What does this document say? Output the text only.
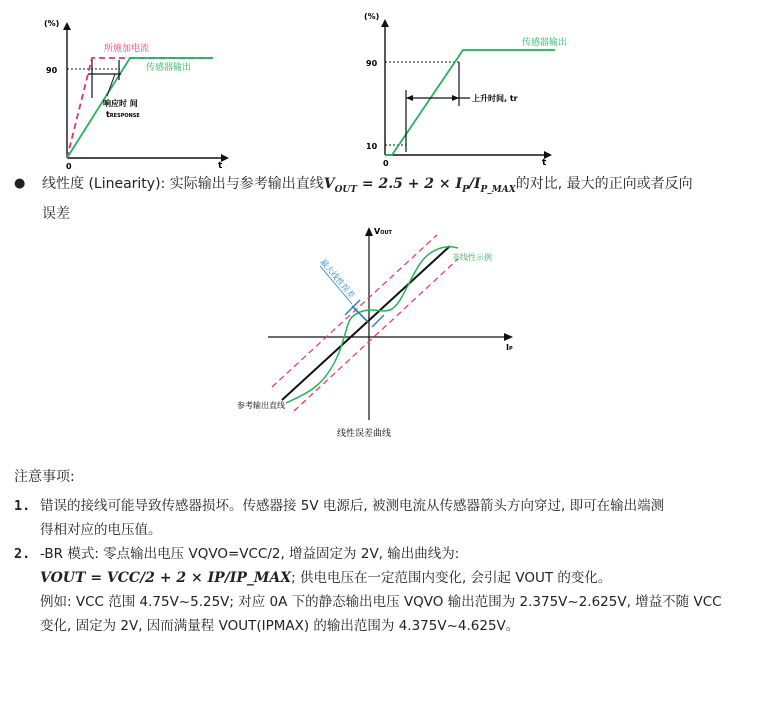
(%)
90
0	t
所施加电流
传感器输出
响应时 间
tRESPONSE
(%)
90
10
0	t
传感器输出
上升时间, tr
● 线性度 (Linearity): 实际输出与参考输出直线$V_{OUT} = 2.5 + 2 \times I_P/I_{P\_MAX}$的对比, 最大的正向或者反向
误差
VOUT
IP
最大线性误差
非线性示例
参考输出直线
线性误差曲线
注意事项:
1. 错误的接线可能导致传感器损坏。传感器接 5V 电源后, 被测电流从传感器箭头方向穿过, 即可在输出端测
得相对应的电压值。
2. -BR 模式: 零点输出电压 VQVO=VCC/2, 增益固定为 2V, 输出曲线为:
VOUT = VCC/2 + 2 × IP/IP_MAX; 供电电压在一定范围内变化, 会引起 VOUT 的变化。
例如: VCC 范围 4.75V~5.25V; 对应 0A 下的静态输出电压 VQVO 输出范围为 2.375V~2.625V, 增益不随 VCC
变化, 固定为 2V, 因而满量程 VOUT(IPMAX) 的输出范围为 4.375V~4.625V。
